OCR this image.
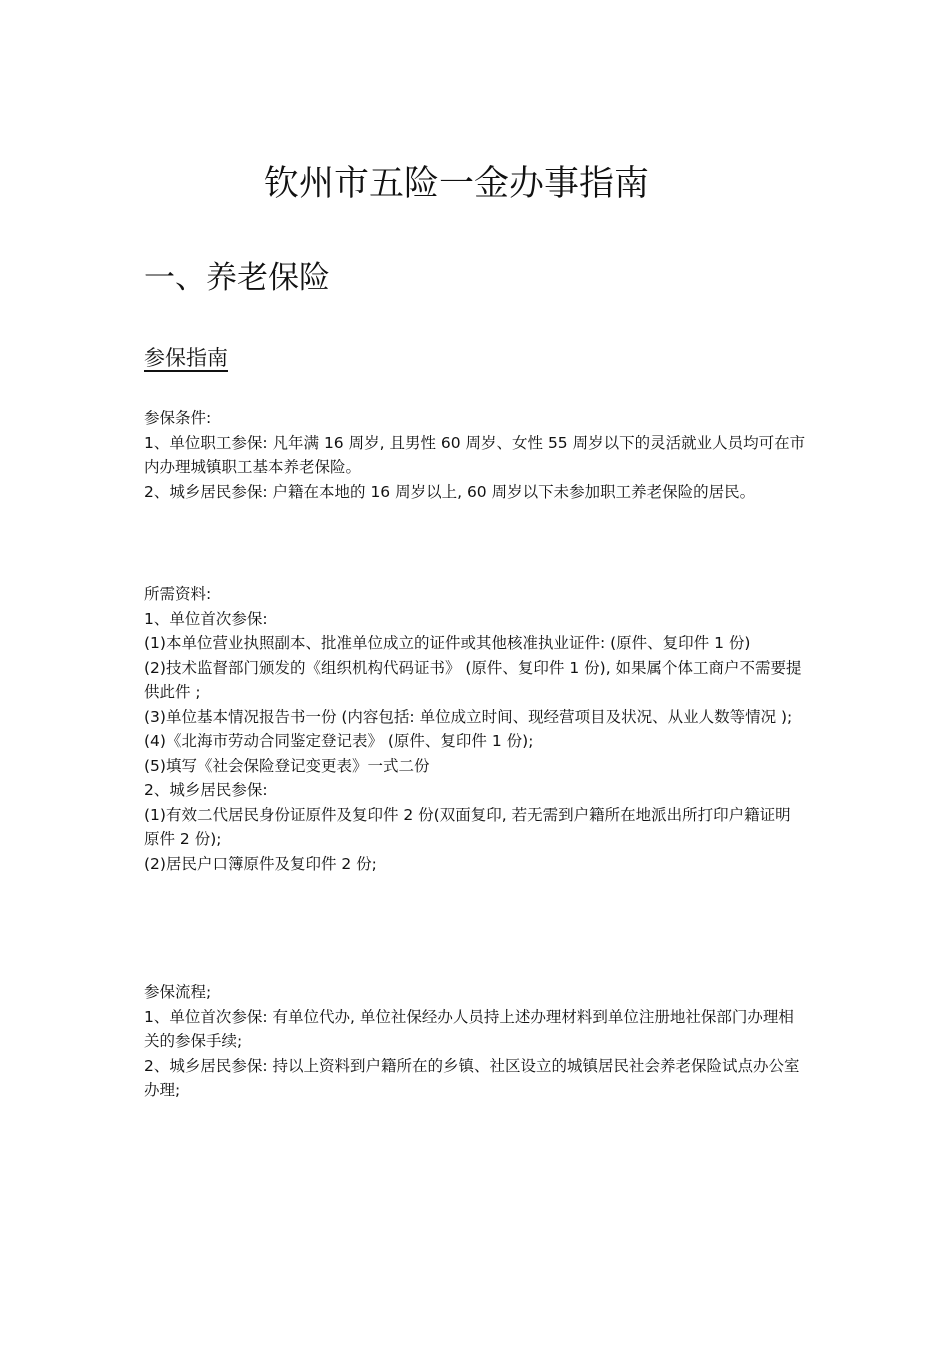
钦州市五险一金办事指南
一、养老保险
参保指南

参保条件:

1、单位职工参保: 凡年满 16 周岁, 且男性 60 周岁、女性 55 周岁以下的灵活就业人员均可在市内办理城镇职工基本养老保险。

2、城乡居民参保: 户籍在本地的 16 周岁以上, 60 周岁以下未参加职工养老保险的居民。

所需资料:

1、单位首次参保:

(1)本单位营业执照副本、批准单位成立的证件或其他核准执业证件: (原件、复印件 1 份)

(2)技术监督部门颁发的《组织机构代码证书》 (原件、复印件 1 份), 如果属个体工商户不需要提供此件 ;

(3)单位基本情况报告书一份 (内容包括: 单位成立时间、现经营项目及状况、从业人数等情况 );

(4)《北海市劳动合同鉴定登记表》 (原件、复印件 1 份);

(5)填写《社会保险登记变更表》一式二份

2、城乡居民参保:

(1)有效二代居民身份证原件及复印件 2 份(双面复印, 若无需到户籍所在地派出所打印户籍证明原件 2 份);

(2)居民户口簿原件及复印件 2 份;

参保流程;

1、单位首次参保: 有单位代办, 单位社保经办人员持上述办理材料到单位注册地社保部门办理相关的参保手续;

2、城乡居民参保: 持以上资料到户籍所在的乡镇、社区设立的城镇居民社会养老保险试点办公室办理;
